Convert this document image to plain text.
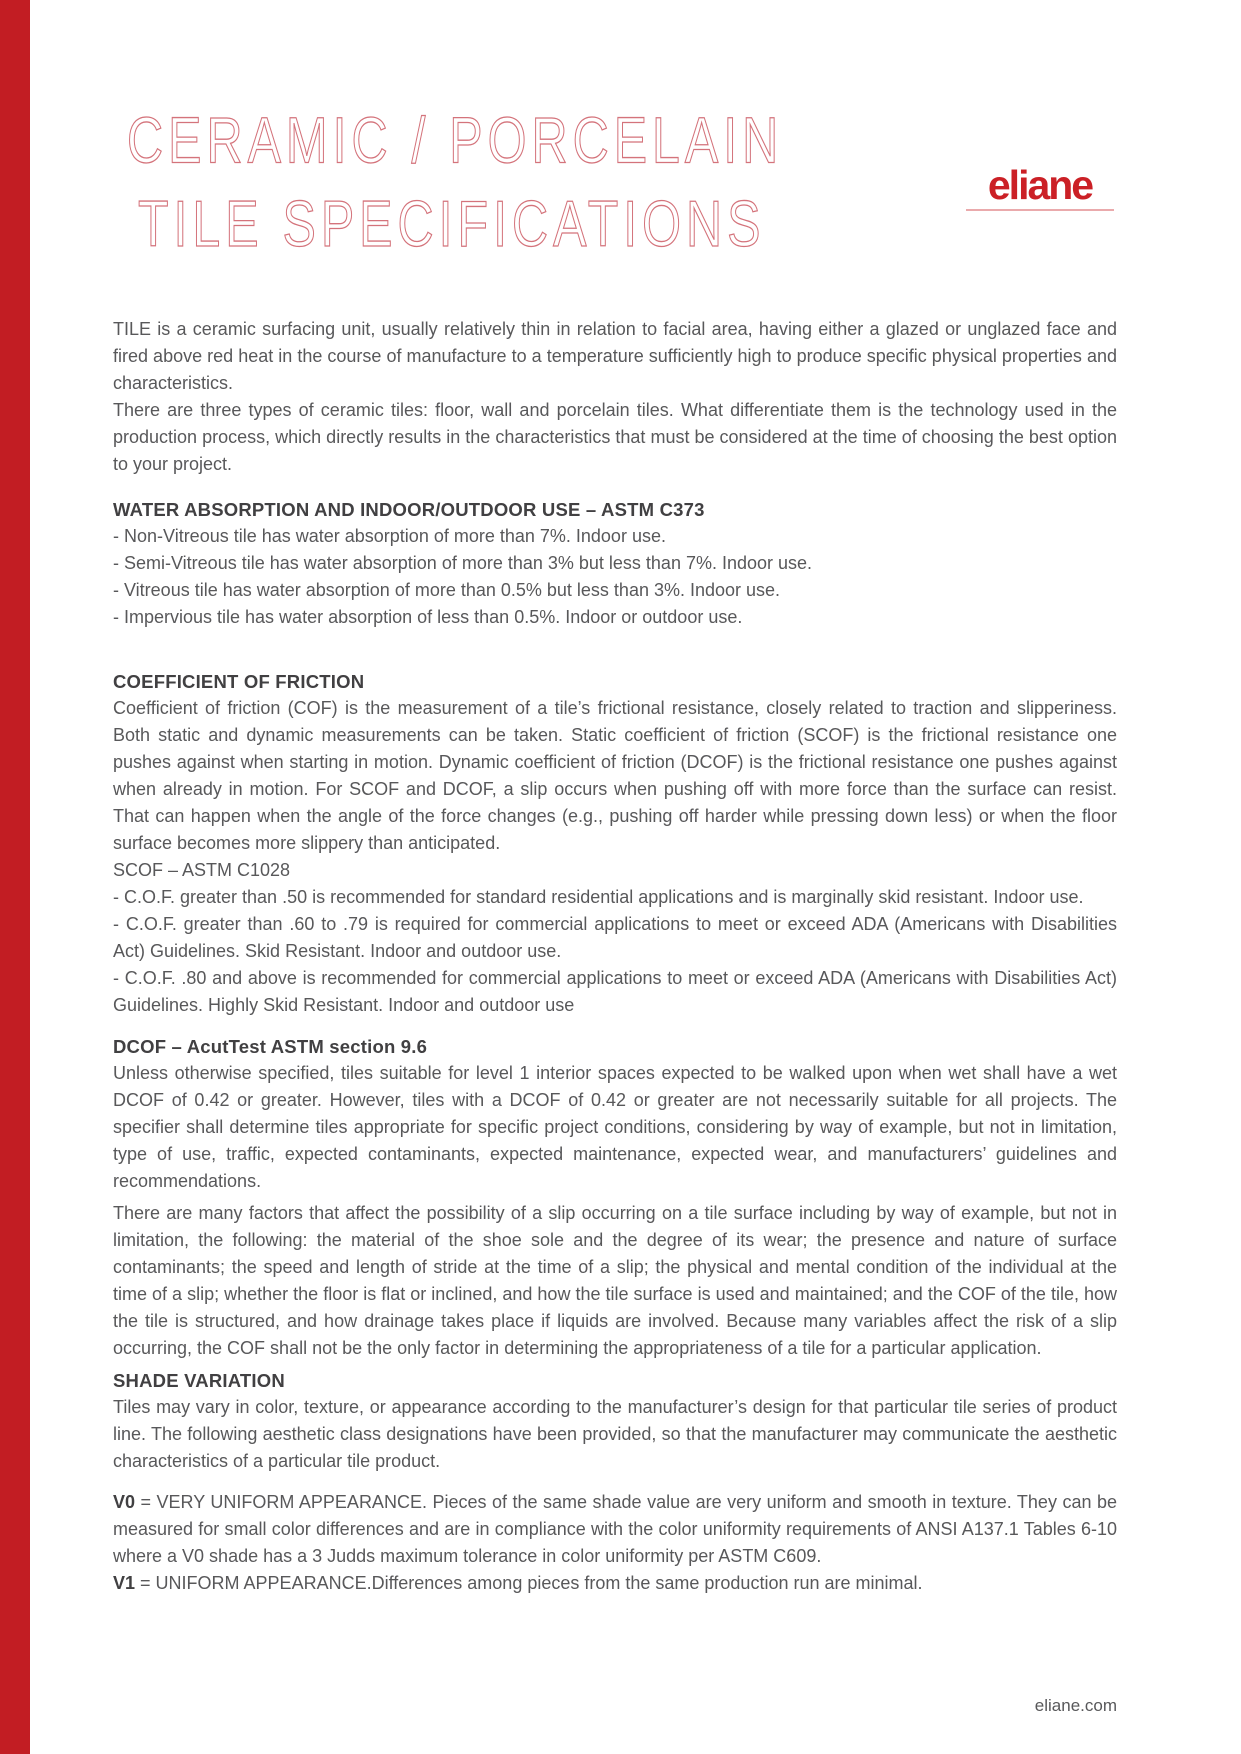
CERAMIC / PORCELAIN
TILE SPECIFICATIONS
eliane

TILE is a ceramic surfacing unit, usually relatively thin in relation to facial area, having either a glazed or unglazed face and fired above red heat in the course of manufacture to a temperature sufficiently high to produce specific physical properties and characteristics.

There are three types of ceramic tiles: floor, wall and porcelain tiles. What differentiate them is the technology used in the production process, which directly results in the characteristics that must be considered at the time of choosing the best option to your project.

WATER ABSORPTION AND INDOOR/OUTDOOR USE – ASTM C373

- Non-Vitreous tile has water absorption of more than 7%. Indoor use.

- Semi-Vitreous tile has water absorption of more than 3% but less than 7%. Indoor use.

- Vitreous tile has water absorption of more than 0.5% but less than 3%. Indoor use.

- Impervious tile has water absorption of less than 0.5%. Indoor or outdoor use.

COEFFICIENT OF FRICTION

Coefficient of friction (COF) is the measurement of a tile’s frictional resistance, closely related to traction and slipperiness. Both static and dynamic measurements can be taken. Static coefficient of friction (SCOF) is the frictional resistance one pushes against when starting in motion. Dynamic coefficient of friction (DCOF) is the frictional resistance one pushes against when already in motion. For SCOF and DCOF, a slip occurs when pushing off with more force than the surface can resist. That can happen when the angle of the force changes (e.g., pushing off harder while pressing down less) or when the floor surface becomes more slippery than anticipated.

SCOF – ASTM C1028

- C.O.F. greater than .50 is recommended for standard residential applications and is marginally skid resistant. Indoor use.

- C.O.F. greater than .60 to .79 is required for commercial applications to meet or exceed ADA (Americans with Disabilities Act) Guidelines. Skid Resistant. Indoor and outdoor use.

- C.O.F. .80 and above is recommended for commercial applications to meet or exceed ADA (Americans with Disabilities Act) Guidelines. Highly Skid Resistant. Indoor and outdoor use

DCOF – AcutTest ASTM section 9.6

Unless otherwise specified, tiles suitable for level 1 interior spaces expected to be walked upon when wet shall have a wet DCOF of 0.42 or greater. However, tiles with a DCOF of 0.42 or greater are not necessarily suitable for all projects. The specifier shall determine tiles appropriate for specific project conditions, considering by way of example, but not in limitation, type of use, traffic, expected contaminants, expected maintenance, expected wear, and manufacturers’ guidelines and recommendations.

There are many factors that affect the possibility of a slip occurring on a tile surface including by way of example, but not in limitation, the following: the material of the shoe sole and the degree of its wear; the presence and nature of surface contaminants; the speed and length of stride at the time of a slip; the physical and mental condition of the individual at the time of a slip; whether the floor is flat or inclined, and how the tile surface is used and maintained; and the COF of the tile, how the tile is structured, and how drainage takes place if liquids are involved. Because many variables affect the risk of a slip occurring, the COF shall not be the only factor in determining the appropriateness of a tile for a particular application.

SHADE VARIATION

Tiles may vary in color, texture, or appearance according to the manufacturer’s design for that particular tile series of product line. The following aesthetic class designations have been provided, so that the manufacturer may communicate the aesthetic characteristics of a particular tile product.

V0 = VERY UNIFORM APPEARANCE. Pieces of the same shade value are very uniform and smooth in texture. They can be measured for small color differences and are in compliance with the color uniformity requirements of ANSI A137.1 Tables 6-10 where a V0 shade has a 3 Judds maximum tolerance in color uniformity per ASTM C609.

V1 = UNIFORM APPEARANCE.Differences among pieces from the same production run are minimal.

eliane.com
